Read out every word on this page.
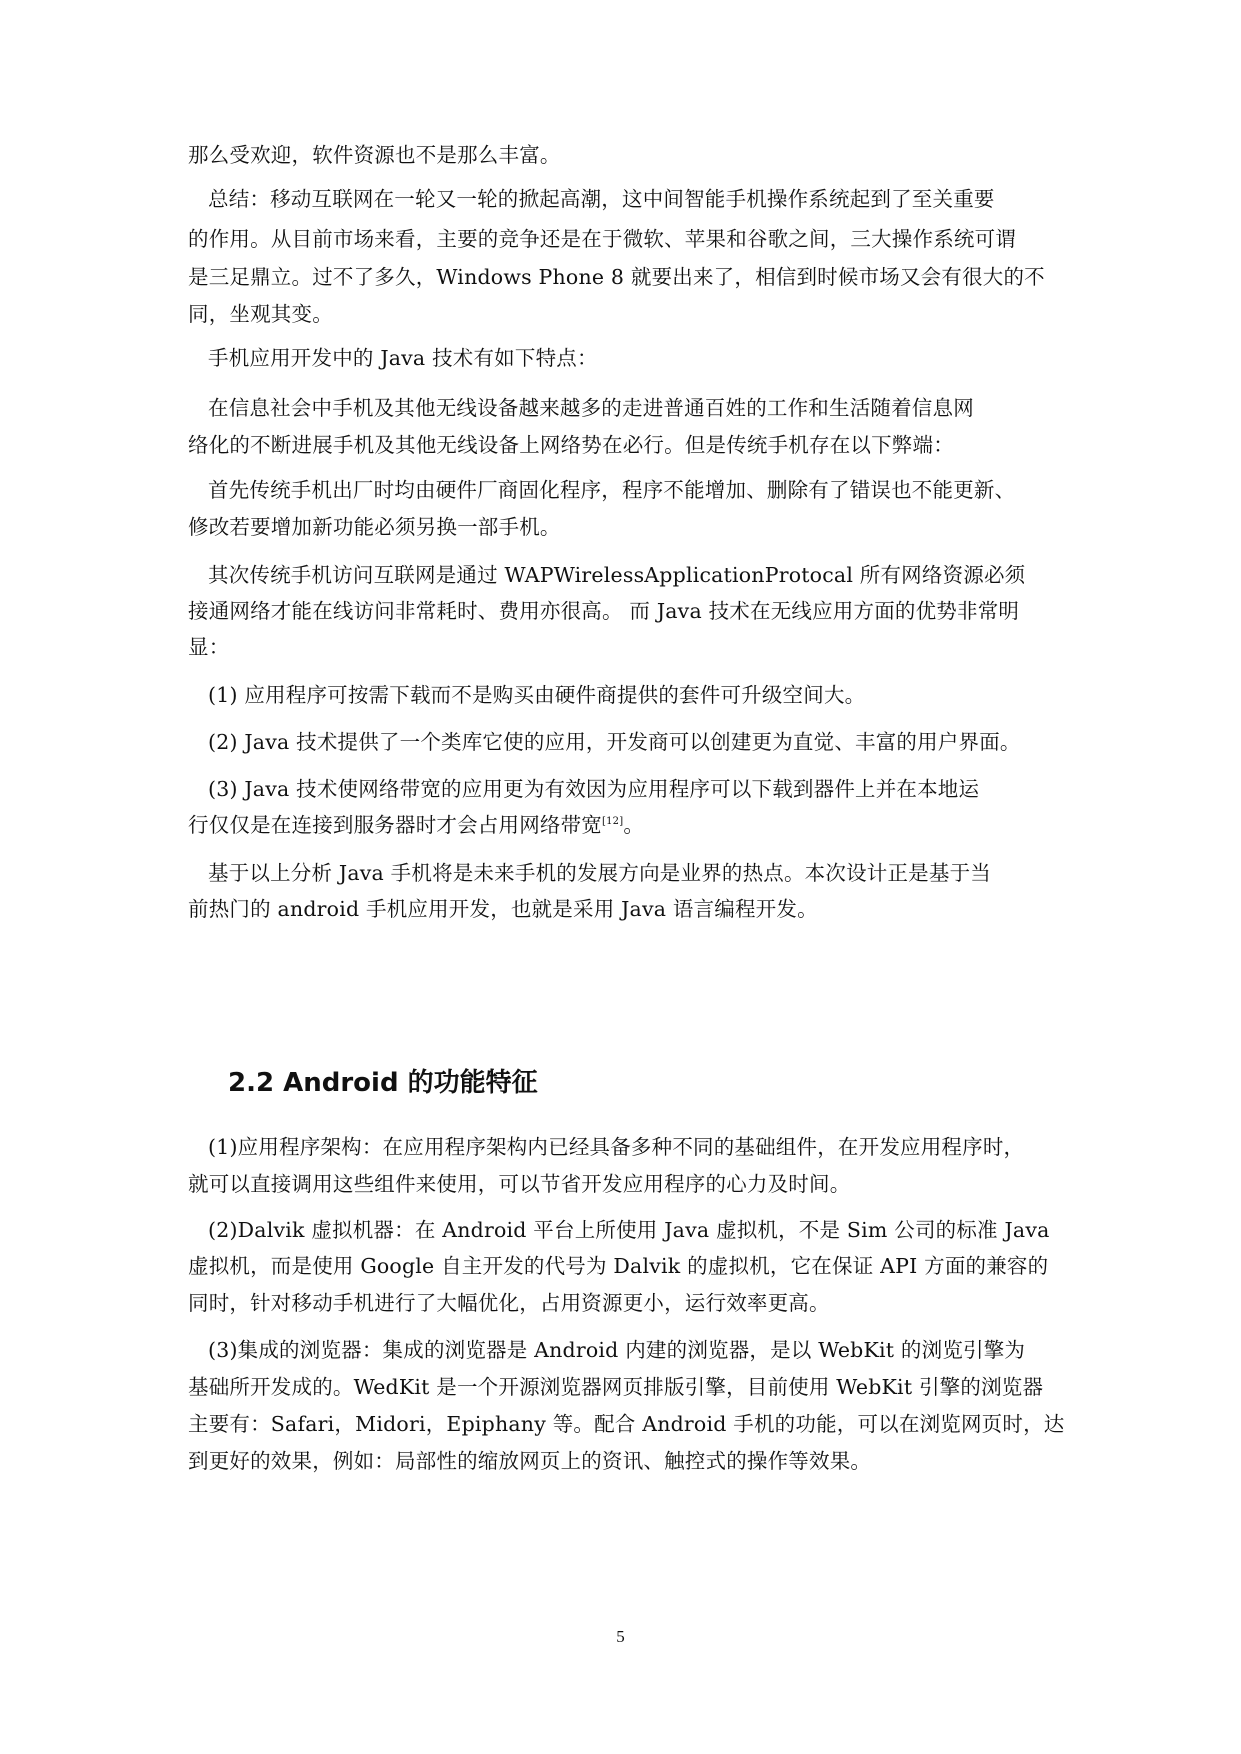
那么受欢迎，软件资源也不是那么丰富。

总结：移动互联网在一轮又一轮的掀起高潮，这中间智能手机操作系统起到了至关重要

的作用。从目前市场来看，主要的竞争还是在于微软、苹果和谷歌之间，三大操作系统可谓

是三足鼎立。过不了多久，Windows Phone 8 就要出来了，相信到时候市场又会有很大的不

同，坐观其变。

手机应用开发中的 Java 技术有如下特点：

在信息社会中手机及其他无线设备越来越多的走进普通百姓的工作和生活随着信息网

络化的不断进展手机及其他无线设备上网络势在必行。但是传统手机存在以下弊端：

首先传统手机出厂时均由硬件厂商固化程序，程序不能增加、删除有了错误也不能更新、

修改若要增加新功能必须另换一部手机。

其次传统手机访问互联网是通过 WAPWirelessApplicationProtocal 所有网络资源必须

接通网络才能在线访问非常耗时、费用亦很高。 而 Java 技术在无线应用方面的优势非常明

显：

(1) 应用程序可按需下载而不是购买由硬件商提供的套件可升级空间大。

(2) Java 技术提供了一个类库它使的应用，开发商可以创建更为直觉、丰富的用户界面。

(3) Java 技术使网络带宽的应用更为有效因为应用程序可以下载到器件上并在本地运

行仅仅是在连接到服务器时才会占用网络带宽[12]。

基于以上分析 Java 手机将是未来手机的发展方向是业界的热点。本次设计正是基于当

前热门的 android 手机应用开发，也就是采用 Java 语言编程开发。

2.2 Android 的功能特征

(1)应用程序架构：在应用程序架构内已经具备多种不同的基础组件，在开发应用程序时，

就可以直接调用这些组件来使用，可以节省开发应用程序的心力及时间。

(2)Dalvik 虚拟机器：在 Android 平台上所使用 Java 虚拟机，不是 Sim 公司的标准 Java

虚拟机，而是使用 Google 自主开发的代号为 Dalvik 的虚拟机，它在保证 API 方面的兼容的

同时，针对移动手机进行了大幅优化，占用资源更小，运行效率更高。

(3)集成的浏览器：集成的浏览器是 Android 内建的浏览器，是以 WebKit 的浏览引擎为

基础所开发成的。WedKit 是一个开源浏览器网页排版引擎，目前使用 WebKit 引擎的浏览器

主要有：Safari，Midori，Epiphany 等。配合 Android 手机的功能，可以在浏览网页时，达

到更好的效果，例如：局部性的缩放网页上的资讯、触控式的操作等效果。

5
